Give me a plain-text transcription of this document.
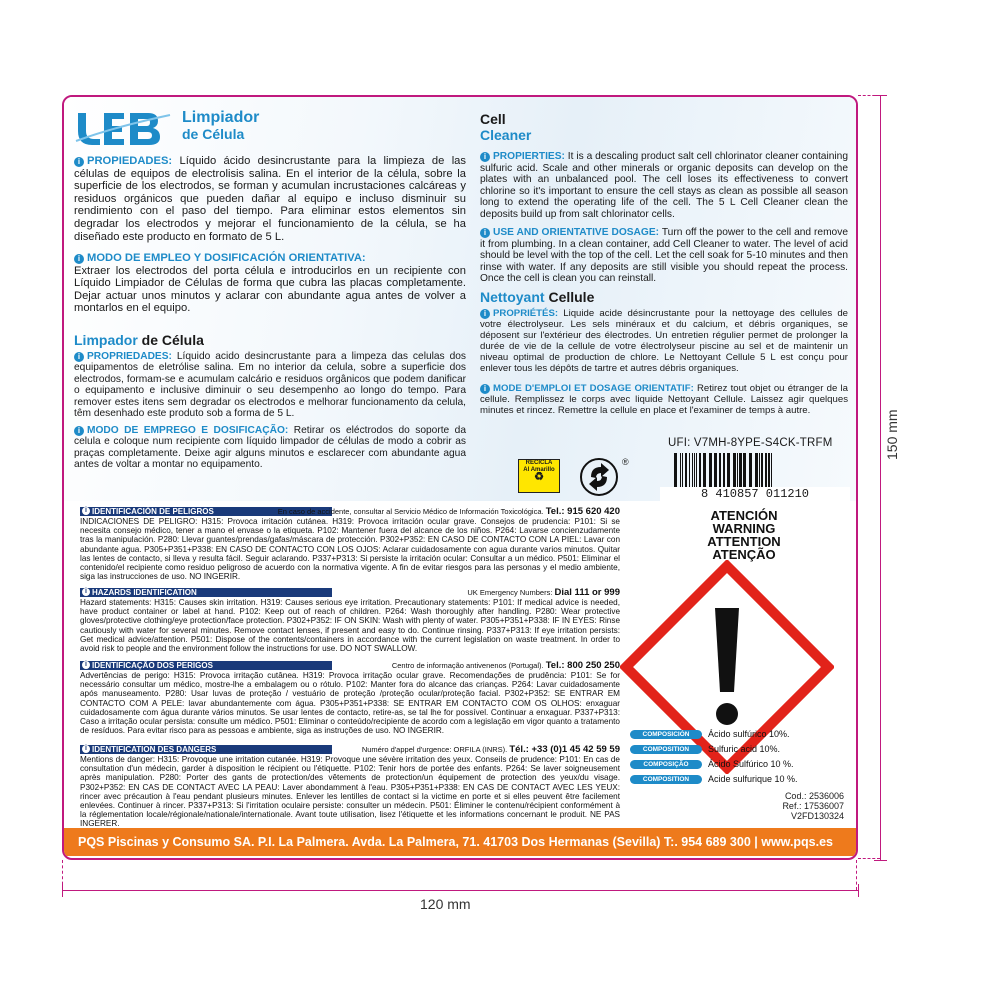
150 mm
120 mm
Limpiador
de Célula
Cell
Cleaner
i PROPIEDADES: Líquido ácido desincrustante para la limpieza de las células de equipos de electrolisis salina. En el interior de la célula, sobre la superficie de los electrodos, se forman y acumulan incrustaciones calcáreas y residuos orgánicos que pueden dañar al equipo e incluso disminuir su rendimiento con el paso del tiempo. Para eliminar estos elementos sin degradar los electrodos y mejorar el funcionamiento de la célula, se ha diseñado este producto en formato de 5 L.
i MODO DE EMPLEO Y DOSIFICACIÓN ORIENTATIVA:
Extraer los electrodos del porta célula e introducirlos en un recipiente con Líquido Limpiador de Células de forma que cubra las placas completamente. Dejar actuar unos minutos y aclarar con abundante agua antes de volver a montarlos en el equipo.
Limpador de Célula
i PROPRIEDADES: Líquido acido desincrustante para a limpeza das celulas dos equipamentos de eletrólise salina. Em no interior da celula, sobre a superficie dos electrodos, formam-se e acumulam calcário e residuos orgânicos que podem danificar o equipamento e inclusive diminuir o seu desempenho ao longo do tempo. Para remover estes itens sem degradar os electrodos e melhorar funcionamento da celula, têm desenhado este produto sob a forma de 5 L.
i MODO DE EMPREGO E DOSIFICAÇÃO: Retirar os eléctrodos do soporte da celula e coloque num recipiente com líquido limpador de células de modo a cobrir as praças completamente. Deixe agir alguns minutos e esclarecer com abundante agua antes de voltar a montar no equipamento.
i PROPIERTIES: It is a descaling product salt cell chlorinator cleaner containing sulfuric acid. Scale and other minerals or organic deposits can develop on the plates with an unbalanced pool. The cell loses its effectiveness to convert chlorine so it's important to ensure the cell stays as clean as possible all season long to extend the operating life of the cell. The 5 L Cell Cleaner clean the deposits build up from salt chlorinator cells.
i USE AND ORIENTATIVE DOSAGE: Turn off the power to the cell and remove it from plumbing. In a clean container, add Cell Cleaner to water. The level of acid should be level with the top of the cell. Let the cell soak for 5-10 minutes and then rinse with water. If any deposits are still visible you should repeat the process. Once the cell is clean you can reinstall.
Nettoyant Cellule
i PROPRIÉTÉS: Liquide acide désincrustante pour la nettoyage des cellules de votre électrolyseur. Les sels minéraux et du calcium, et débris organiques, se déposent sur l'extérieur des électrodes. Un entretien régulier permet de prolonger la durée de vie de la cellule de votre électrolyseur piscine au sel et de maintenir un niveau optimal de production de chlore. Le Nettoyant Cellule 5 L est conçu pour enlever tous les dépôts de tartre et autres débris organiques.
i MODE D'EMPLOI ET DOSAGE ORIENTATIF: Retirez tout objet ou étranger de la cellule. Remplissez le corps avec liquide Nettoyant Cellule. Laissez agir quelques minutes et rincez. Remettre la cellule en place et l'examiner de temps à autre.
UFI: V7MH-8YPE-S4CK-TRFM
RECICLA
Al Amarillo
♻
®
8 410857 011210
i IDENTIFICACIÓN DE PELIGROS	En caso de accidente, consultar al Servicio Médico de Información Toxicológica. Tel.: 915 620 420
INDICACIONES DE PELIGRO: H315: Provoca irritación cutánea. H319: Provoca irritación ocular grave. Consejos de prudencia: P101: Si se necesita consejo médico, tener a mano el envase o la etiqueta. P102: Mantener fuera del alcance de los niños. P264: Lavarse concienzudamente tras la manipulación. P280: Llevar guantes/prendas/gafas/máscara de protección. P302+P352: EN CASO DE CONTACTO CON LA PIEL: Lavar con abundante agua. P305+P351+P338: EN CASO DE CONTACTO CON LOS OJOS: Aclarar cuidadosamente con agua durante varios minutos. Quitar las lentes de contacto, si lleva y resulta fácil. Seguir aclarando. P337+P313: Si persiste la irritación ocular: Consultar a un médico. P501: Eliminar el contenido/el recipiente como residuo peligroso de acuerdo con la normativa vigente. A fin de evitar riesgos para las personas y el medio ambiente, siga las instrucciones de uso. NO INGERIR.
i HAZARDS IDENTIFICATION	UK Emergency Numbers: Dial 111 or 999
Hazard statements: H315: Causes skin irritation. H319: Causes serious eye irritation. Precautionary statements: P101: If medical advice is needed, have product container or label at hand. P102: Keep out of reach of children. P264: Wash thoroughly after handling. P280: Wear protective gloves/protective clothing/eye protection/face protection. P302+P352: IF ON SKIN: Wash with plenty of water. P305+P351+P338: IF IN EYES: Rinse cautiously with water for several minutes. Remove contact lenses, if present and easy to do. Continue rinsing. P337+P313: If eye irritation persists: Get medical advice/attention. P501: Dispose of the contents/containers in accordance with the current legislation on waste treatment. In order to avoid risk to people and the environment follow the instructions for use. DO NOT SWALLOW.
i IDENTIFICAÇÃO DOS PERIGOS	Centro de informação antivenenos (Portugal). Tel.: 800 250 250
Advertências de perigo: H315: Provoca irritação cutânea. H319: Provoca irritação ocular grave. Recomendações de prudência: P101: Se for necessário consultar um médico, mostre-lhe a embalagem ou o rótulo. P102: Manter fora do alcance das crianças. P264: Lavar cuidadosamente após manuseamento. P280: Usar luvas de proteção / vestuário de proteção /proteção ocular/proteção facial. P302+P352: SE ENTRAR EM CONTACTO COM A PELE: lavar abundantemente com água. P305+P351+P338: SE ENTRAR EM CONTACTO COM OS OLHOS: enxaguar cuidadosamente com água durante vários minutos. Se usar lentes de contacto, retire-as, se tal lhe for possível. Continuar a enxaguar. P337+P313: Caso a irritação ocular persista: consulte um médico. P501: Eliminar o conteúdo/recipiente de acordo com a legislação em vigor quanto a tratamento de resíduos. Para evitar risco para as pessoas e ambiente, siga as instruções de uso. NO INGERIR.
i IDENTIFICATION DES DANGERS	Numéro d'appel d'urgence: ORFILA (INRS). Tél.: +33 (0)1 45 42 59 59
Mentions de danger: H315: Provoque une irritation cutanée. H319: Provoque une sévère irritation des yeux. Conseils de prudence: P101: En cas de consultation d'un médecin, garder à disposition le récipient ou l'étiquette. P102: Tenir hors de portée des enfants. P264: Se laver soigneusement après manipulation. P280: Porter des gants de protection/des vêtements de protection/un équipement de protection des yeux/du visage. P302+P352: EN CAS DE CONTACT AVEC LA PEAU: Laver abondamment à l'eau. P305+P351+P338: EN CAS DE CONTACT AVEC LES YEUX: rincer avec précaution à l'eau pendant plusieurs minutes. Enlever les lentilles de contact si la victime en porte et si elles peuvent être facilement enlevées. Continuer à rincer. P337+P313: Si l'irritation oculaire persiste: consulter un médecin. P501: Éliminer le contenu/récipient conformément à la réglementation locale/régionale/nationale/internationale. Avant toute utilisation, lisez l'étiquette et les informations concernant le produit. NE PAS INGERER.
ATENCIÓN
WARNING
ATTENTION
ATENÇÃO
COMPOSICIÓN Ácido sulfúrico 10%.
COMPOSITION Sulfuric acid 10%.
COMPOSIÇÃO Ácido Sulfúrico 10 %.
COMPOSITION Acide sulfurique 10 %.
Cod.: 2536006
Ref.: 17536007
V2FD130324
PQS Piscinas y Consumo SA. P.I. La Palmera. Avda. La Palmera, 71. 41703 Dos Hermanas (Sevilla) T:. 954 689 300 | www.pqs.es
